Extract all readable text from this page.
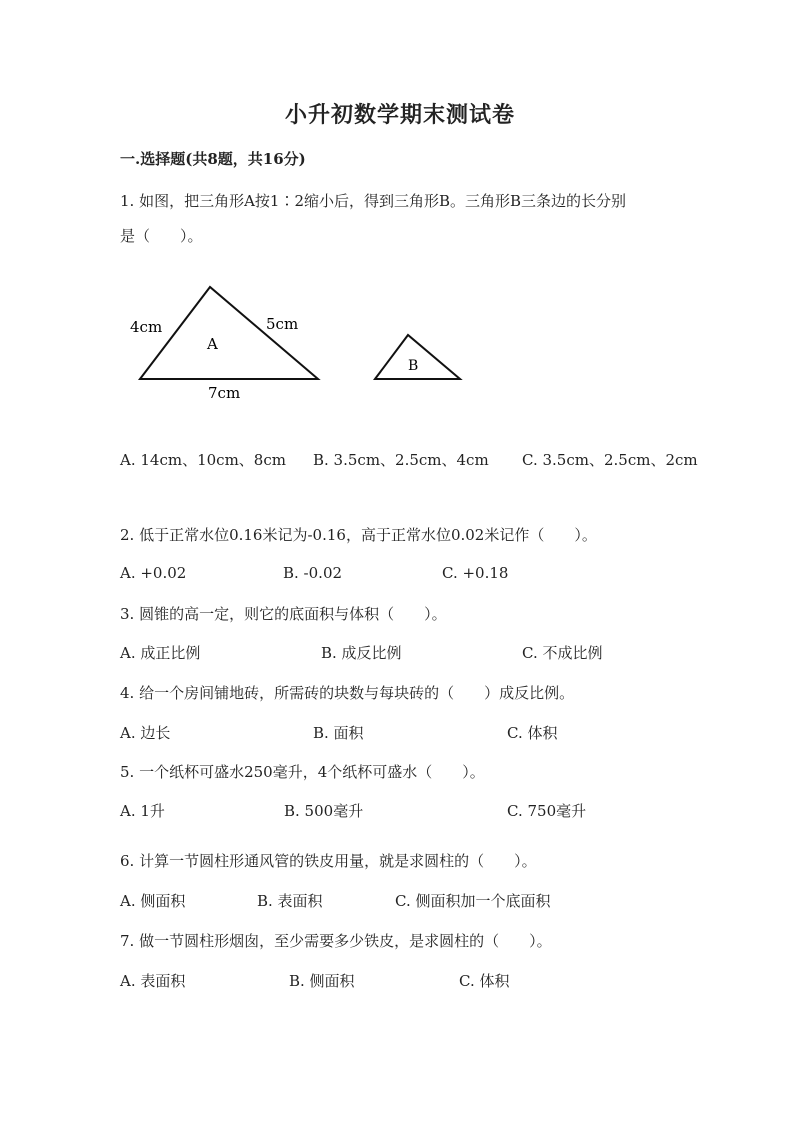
小升初数学期末测试卷
一.选择题(共8题，共16分)
1. 如图，把三角形A按1∶2缩小后，得到三角形B。三角形B三条边的长分别
是（　　）。
4cm	5cm
A
7cm
B
A. 14cm、10cm、8cm B. 3.5cm、2.5cm、4cm C. 3.5cm、2.5cm、2cm
2. 低于正常水位0.16米记为-0.16，高于正常水位0.02米记作（　　）。
A. +0.02	B. -0.02	C. +0.18
3. 圆锥的高一定，则它的底面积与体积（　　）。
A. 成正比例	B. 成反比例	C. 不成比例
4. 给一个房间铺地砖，所需砖的块数与每块砖的（　　）成反比例。
A. 边长	B. 面积	C. 体积
5. 一个纸杯可盛水250毫升，4个纸杯可盛水（　　）。
A. 1升	B. 500毫升	C. 750毫升
6. 计算一节圆柱形通风管的铁皮用量，就是求圆柱的（　　）。
A. 侧面积	B. 表面积	C. 侧面积加一个底面积
7. 做一节圆柱形烟囱，至少需要多少铁皮，是求圆柱的（　　）。
A. 表面积	B. 侧面积	C. 体积
